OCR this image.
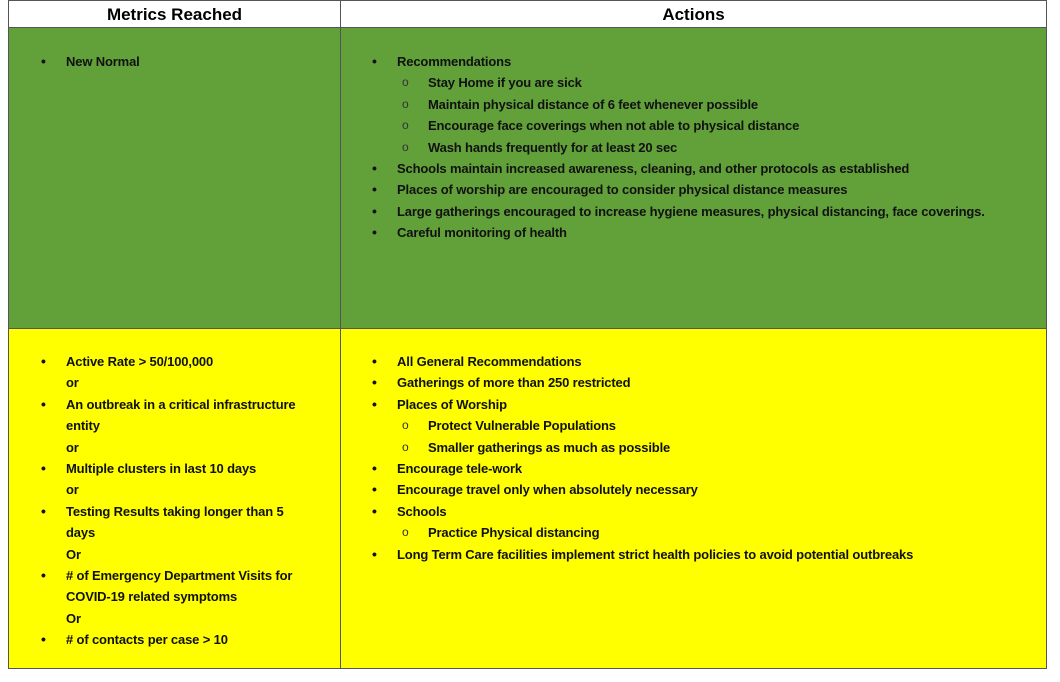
Metrics Reached	Actions
• New Normal	• Recommendations
o Stay Home if you are sick
o Maintain physical distance of 6 feet whenever possible
o Encourage face coverings when not able to physical distance
o Wash hands frequently for at least 20 sec
• Schools maintain increased awareness, cleaning, and other protocols as established
• Places of worship are encouraged to consider physical distance measures
• Large gatherings encouraged to increase hygiene measures, physical distancing, face coverings.
• Careful monitoring of health
• Active Rate > 50/100,000
or
• An outbreak in a critical infrastructure entity
or
• Multiple clusters in last 10 days
or
• Testing Results taking longer than 5 days
Or
• # of Emergency Department Visits for COVID-19 related symptoms
Or
• # of contacts per case > 10
• All General Recommendations
• Gatherings of more than 250 restricted
• Places of Worship
o Protect Vulnerable Populations
o Smaller gatherings as much as possible
• Encourage tele-work
• Encourage travel only when absolutely necessary
• Schools
o Practice Physical distancing
• Long Term Care facilities implement strict health policies to avoid potential outbreaks
